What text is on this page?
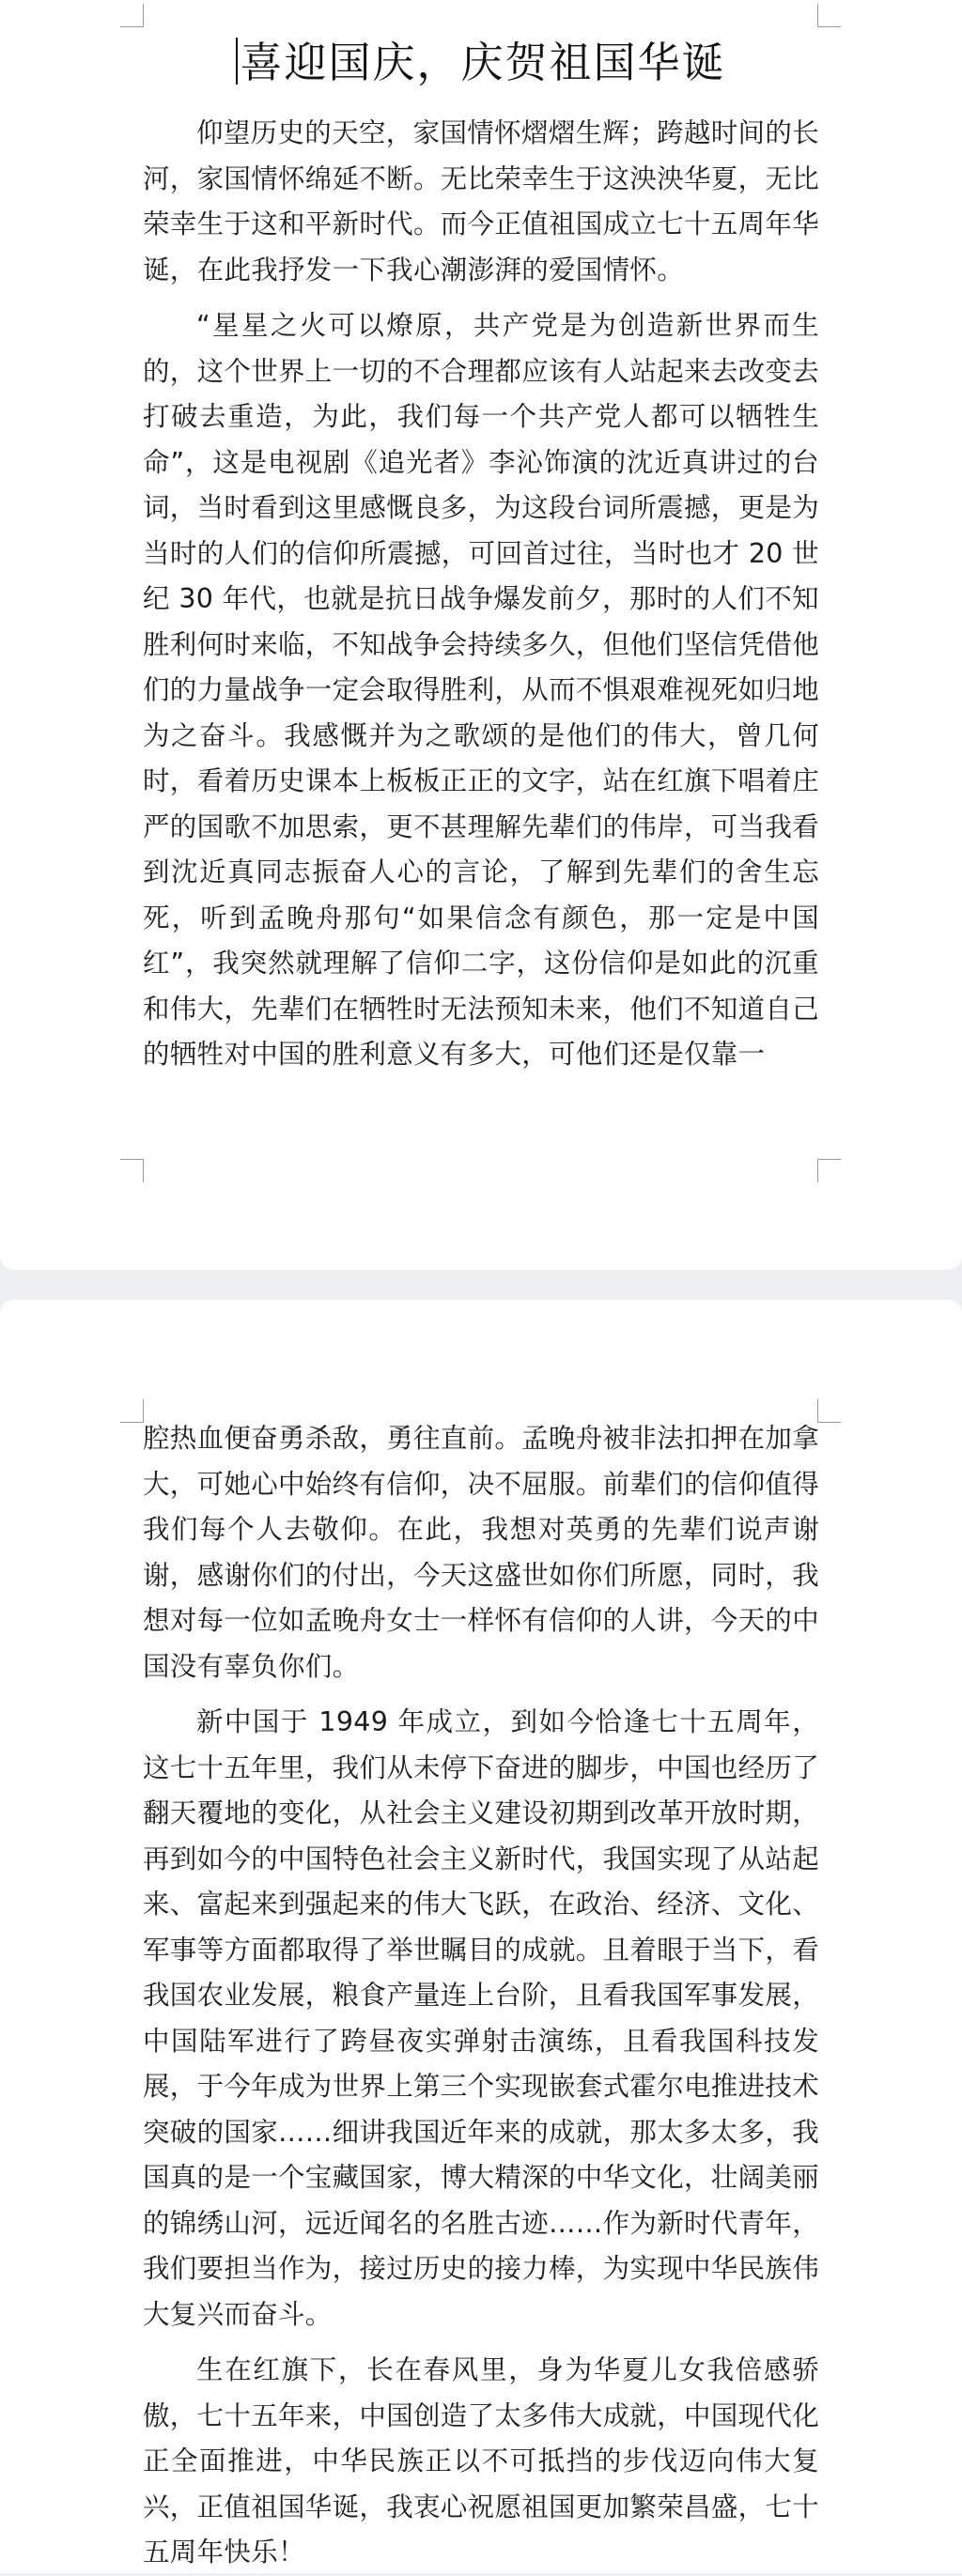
喜迎国庆，庆贺祖国华诞

仰望历史的天空，家国情怀熠熠生辉；跨越时间的长河，家国情怀绵延不断。无比荣幸生于这泱泱华夏，无比荣幸生于这和平新时代。而今正值祖国成立七十五周年华诞，在此我抒发一下我心潮澎湃的爱国情怀。

“星星之火可以燎原，共产党是为创造新世界而生的，这个世界上一切的不合理都应该有人站起来去改变去打破去重造，为此，我们每一个共产党人都可以牺牲生命”，这是电视剧《追光者》李沁饰演的沈近真讲过的台词，当时看到这里感慨良多，为这段台词所震撼，更是为当时的人们的信仰所震撼，可回首过往，当时也才 20 世纪 30 年代，也就是抗日战争爆发前夕，那时的人们不知胜利何时来临，不知战争会持续多久，但他们坚信凭借他们的力量战争一定会取得胜利，从而不惧艰难视死如归地为之奋斗。我感慨并为之歌颂的是他们的伟大，曾几何时，看着历史课本上板板正正的文字，站在红旗下唱着庄严的国歌不加思索，更不甚理解先辈们的伟岸，可当我看到沈近真同志振奋人心的言论，了解到先辈们的舍生忘死，听到孟晚舟那句“如果信念有颜色，那一定是中国红”，我突然就理解了信仰二字，这份信仰是如此的沉重和伟大，先辈们在牺牲时无法预知未来，他们不知道自己的牺牲对中国的胜利意义有多大，可他们还是仅靠一

腔热血便奋勇杀敌，勇往直前。孟晚舟被非法扣押在加拿大，可她心中始终有信仰，决不屈服。前辈们的信仰值得我们每个人去敬仰。在此，我想对英勇的先辈们说声谢谢，感谢你们的付出，今天这盛世如你们所愿，同时，我想对每一位如孟晚舟女士一样怀有信仰的人讲，今天的中国没有辜负你们。

新中国于 1949 年成立，到如今恰逢七十五周年，这七十五年里，我们从未停下奋进的脚步，中国也经历了翻天覆地的变化，从社会主义建设初期到改革开放时期，再到如今的中国特色社会主义新时代，我国实现了从站起来、富起来到强起来的伟大飞跃，在政治、经济、文化、军事等方面都取得了举世瞩目的成就。且着眼于当下，看我国农业发展，粮食产量连上台阶，且看我国军事发展，中国陆军进行了跨昼夜实弹射击演练，且看我国科技发展，于今年成为世界上第三个实现嵌套式霍尔电推进技术突破的国家……细讲我国近年来的成就，那太多太多，我国真的是一个宝藏国家，博大精深的中华文化，壮阔美丽的锦绣山河，远近闻名的名胜古迹……作为新时代青年，我们要担当作为，接过历史的接力棒，为实现中华民族伟大复兴而奋斗。

生在红旗下，长在春风里，身为华夏儿女我倍感骄傲，七十五年来，中国创造了太多伟大成就，中国现代化正全面推进，中华民族正以不可抵挡的步伐迈向伟大复兴，正值祖国华诞，我衷心祝愿祖国更加繁荣昌盛，七十五周年快乐！
